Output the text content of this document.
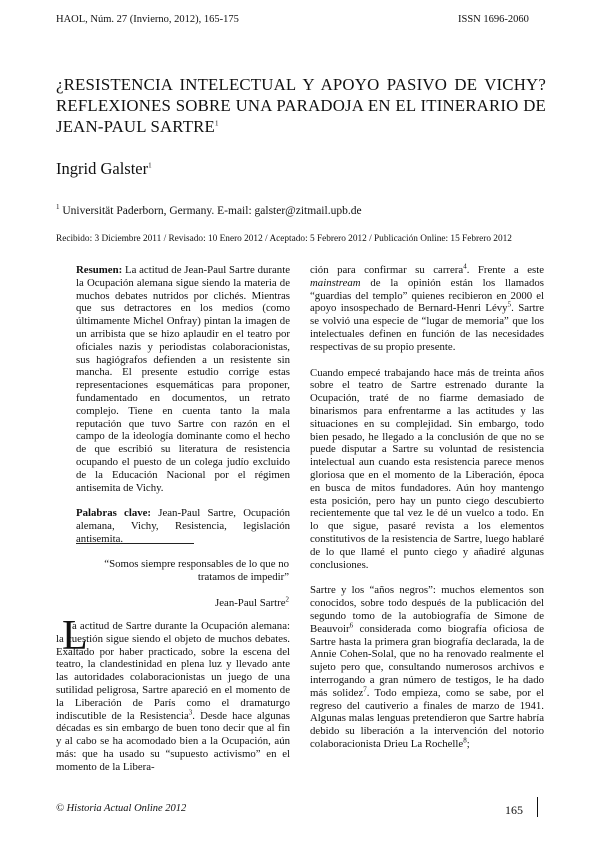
HAOL, Núm. 27 (Invierno, 2012), 165-175	ISSN 1696-2060
¿RESISTENCIA INTELECTUAL Y APOYO PASIVO DE VICHY? REFLEXIONES SOBRE UNA PARADOJA EN EL ITINERARIO DE JEAN-PAUL SARTRE$^1$
Ingrid Galster$^1$
$^1$ Universität Paderborn, Germany. E-mail: galster@zitmail.upb.de
Recibido: 3 Diciembre 2011 / Revisado: 10 Enero 2012 / Aceptado: 5 Febrero 2012 / Publicación Online: 15 Febrero 2012

Resumen: La actitud de Jean-Paul Sartre durante la Ocupación alemana sigue siendo la materia de muchos debates nutridos por clichés. Mientras que sus detractores en los medios (como últimamente Michel Onfray) pintan la imagen de un arribista que se hizo aplaudir en el teatro por oficiales nazis y periodistas colaboracionistas, sus hagiógrafos defienden a un resistente sin mancha. El presente estudio corrige estas representaciones esquemáticas para proponer, fundamentado en documentos, un retrato complejo. Tiene en cuenta tanto la mala reputación que tuvo Sartre con razón en el campo de la ideología dominante como el hecho de que escribió su literatura de resistencia ocupando el puesto de un colega judío excluido de la Educación Nacional por el régimen antisemita de Vichy.

Palabras clave: Jean-Paul Sartre, Ocupación alemana, Vichy, Resistencia, legislación antisemita.

“Somos siempre responsables de lo que no tratamos de impedir”
Jean-Paul Sartre$^2$
L

a actitud de Sartre durante la Ocupación alemana: la cuestión sigue siendo el objeto de muchos debates. Exaltado por haber practicado, sobre la escena del teatro, la clandestinidad en plena luz y llevado ante las autoridades colaboracionistas un juego de una sutilidad peligrosa, Sartre apareció en el momento de la Liberación de París como el dramaturgo indiscutible de la Resistencia$^3$. Desde hace algunas décadas es sin embargo de buen tono decir que al fin y al cabo se ha acomodado bien a la Ocupación, aún más: que ha usado su “supuesto activismo” en el momento de la Libera-

ción para confirmar su carrera$^4$. Frente a este mainstream de la opinión están los llamados “guardias del templo” quienes recibieron en 2000 el apoyo insospechado de Bernard-Henri Lévy$^5$. Sartre se volvió una especie de “lugar de memoria” que los intelectuales definen en función de las necesidades respectivas de su propio presente.

Cuando empecé trabajando hace más de treinta años sobre el teatro de Sartre estrenado durante la Ocupación, traté de no fiarme demasiado de binarismos para enfrentarme a las actitudes y las situaciones en su complejidad. Sin embargo, todo bien pesado, he llegado a la conclusión de que no se puede disputar a Sartre su voluntad de resistencia intelectual aun cuando esta resistencia parece menos gloriosa que en el momento de la Liberación, época en busca de mitos fundadores. Aún hoy mantengo esta posición, pero hay un punto ciego descubierto recientemente que tal vez le dé un vuelco a todo. En lo que sigue, pasaré revista a los elementos constitutivos de la resistencia de Sartre, luego hablaré de lo que llamé el punto ciego y añadiré algunas conclusiones.

Sartre y los “años negros”: muchos elementos son conocidos, sobre todo después de la publicación del segundo tomo de la autobiografía de Simone de Beauvoir$^6$ considerada como biografía oficiosa de Sartre hasta la primera gran biografía declarada, la de Annie Cohen-Solal, que no ha renovado realmente el sujeto pero que, consultando numerosos archivos e interrogando a gran número de testigos, le ha dado más solidez$^7$. Todo empieza, como se sabe, por el regreso del cautiverio a finales de marzo de 1941. Algunas malas lenguas pretendieron que Sartre habría debido su liberación a la intervención del notorio colaboracionista Drieu La Rochelle$^8$;

© Historia Actual Online 2012	165
